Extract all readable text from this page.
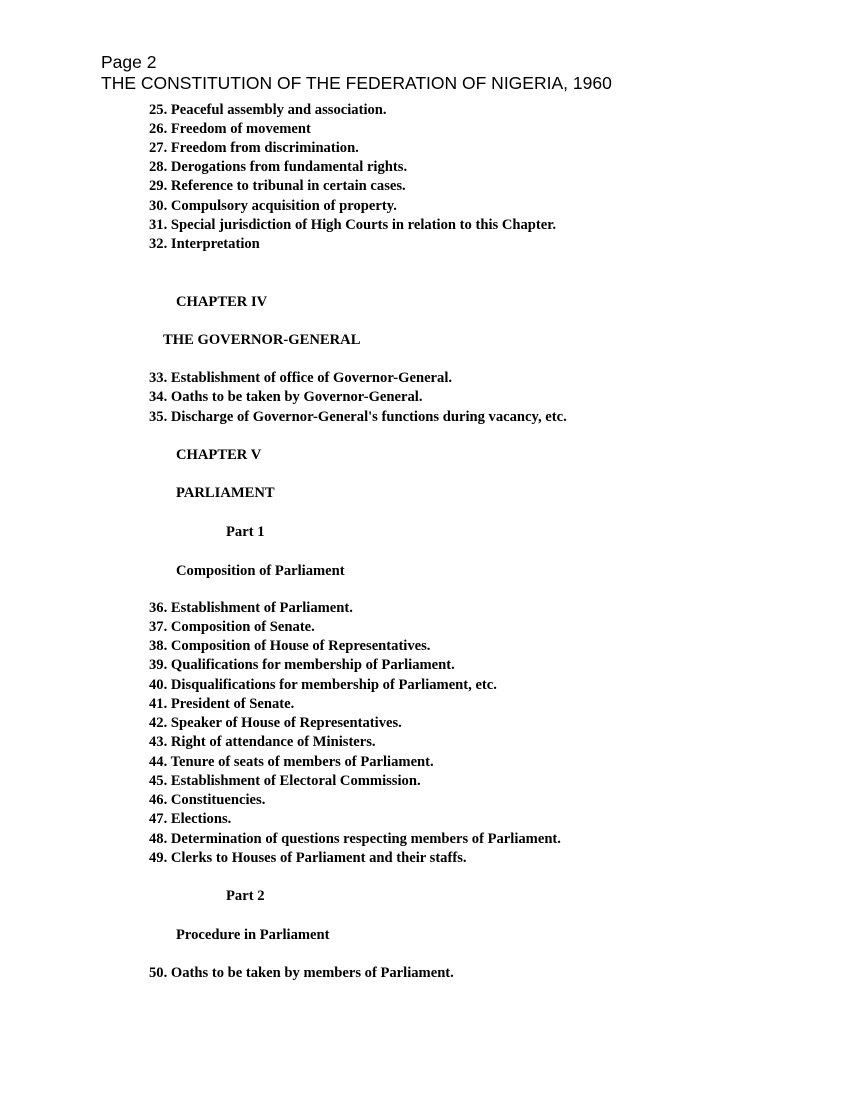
Page 2
THE CONSTITUTION OF THE FEDERATION OF NIGERIA, 1960
25. Peaceful assembly and association.
26. Freedom of movement
27. Freedom from discrimination.
28. Derogations from fundamental rights.
29. Reference to tribunal in certain cases.
30. Compulsory acquisition of property.
31. Special jurisdiction of High Courts in relation to this Chapter.
32. Interpretation
CHAPTER IV
THE GOVERNOR-GENERAL
33. Establishment of office of Governor-General.
34. Oaths to be taken by Governor-General.
35. Discharge of Governor-General's functions during vacancy, etc.
CHAPTER V
PARLIAMENT
Part 1
Composition of Parliament
36. Establishment of Parliament.
37. Composition of Senate.
38. Composition of House of Representatives.
39. Qualifications for membership of Parliament.
40. Disqualifications for membership of Parliament, etc.
41. President of Senate.
42. Speaker of House of Representatives.
43. Right of attendance of Ministers.
44. Tenure of seats of members of Parliament.
45. Establishment of Electoral Commission.
46. Constituencies.
47. Elections.
48. Determination of questions respecting members of Parliament.
49. Clerks to Houses of Parliament and their staffs.
Part 2
Procedure in Parliament
50. Oaths to be taken by members of Parliament.
